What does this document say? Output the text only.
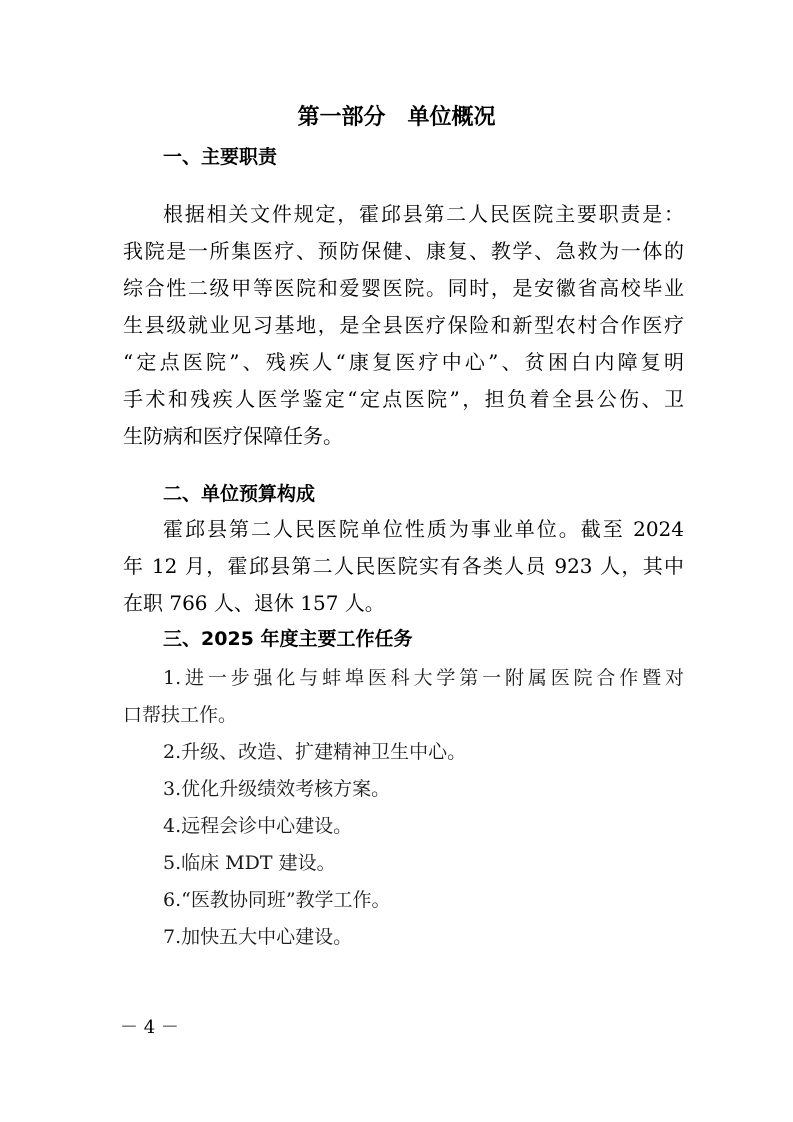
第一部分　单位概况
一、主要职责
根据相关文件规定，霍邱县第二人民医院主要职责是：
我院是一所集医疗、预防保健、康复、教学、急救为一体的
综合性二级甲等医院和爱婴医院。同时，是安徽省高校毕业
生县级就业见习基地，是全县医疗保险和新型农村合作医疗
“定点医院”、残疾人“康复医疗中心”、贫困白内障复明
手术和残疾人医学鉴定“定点医院”，担负着全县公伤、卫
生防病和医疗保障任务。
二、单位预算构成
霍邱县第二人民医院单位性质为事业单位。截至 2024
年 12 月，霍邱县第二人民医院实有各类人员 923 人，其中
在职 766 人、退休 157 人。
三、2025 年度主要工作任务
1.进一步强化与蚌埠医科大学第一附属医院合作暨对
口帮扶工作。
2.升级、改造、扩建精神卫生中心。
3.优化升级绩效考核方案。
4.远程会诊中心建设。
5.临床 MDT 建设。
6.“医教协同班”教学工作。
7.加快五大中心建设。
－ 4 －
